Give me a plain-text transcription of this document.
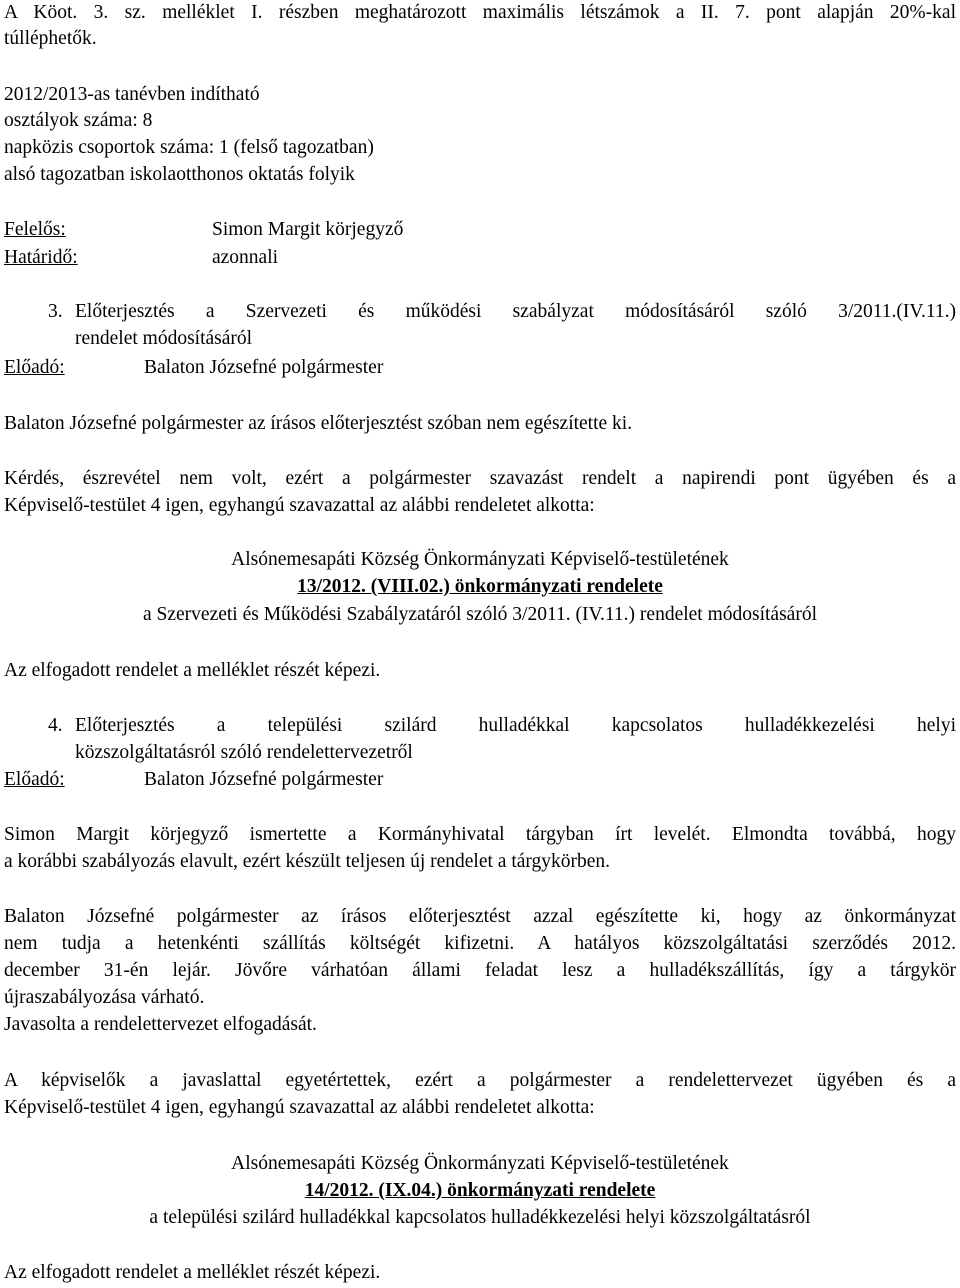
A Köot. 3. sz. melléklet I. részben meghatározott maximális létszámok a II. 7. pont alapján 20%-kal

túlléphetők.

2012/2013-as tanévben indítható

osztályok száma: 8

napközis csoportok száma: 1 (felső tagozatban)

alsó tagozatban iskolaotthonos oktatás folyik

Felelős:	Simon Margit körjegyző

Határidő:	azonnali

3. Előterjesztés a Szervezeti és működési szabályzat módosításáról szóló 3/2011.(IV.11.)

rendelet módosításáról

Előadó:	Balaton Józsefné polgármester

Balaton Józsefné polgármester az írásos előterjesztést szóban nem egészítette ki.

Kérdés, észrevétel nem volt, ezért a polgármester szavazást rendelt a napirendi pont ügyében és a

Képviselő-testület 4 igen, egyhangú szavazattal az alábbi rendeletet alkotta:

Alsónemesapáti Község Önkormányzati Képviselő-testületének

13/2012. (VIII.02.) önkormányzati rendelete

a Szervezeti és Működési Szabályzatáról szóló 3/2011. (IV.11.) rendelet módosításáról

Az elfogadott rendelet a melléklet részét képezi.

4. Előterjesztés a települési szilárd hulladékkal kapcsolatos hulladékkezelési helyi

közszolgáltatásról szóló rendelettervezetről

Előadó:	Balaton Józsefné polgármester

Simon Margit körjegyző ismertette a Kormányhivatal tárgyban írt levelét. Elmondta továbbá, hogy

a korábbi szabályozás elavult, ezért készült teljesen új rendelet a tárgykörben.

Balaton Józsefné polgármester az írásos előterjesztést azzal egészítette ki, hogy az önkormányzat

nem tudja a hetenkénti szállítás költségét kifizetni. A hatályos közszolgáltatási szerződés 2012.

december 31-én lejár. Jövőre várhatóan állami feladat lesz a hulladékszállítás, így a tárgykör

újraszabályozása várható.

Javasolta a rendelettervezet elfogadását.

A képviselők a javaslattal egyetértettek, ezért a polgármester a rendelettervezet ügyében és a

Képviselő-testület 4 igen, egyhangú szavazattal az alábbi rendeletet alkotta:

Alsónemesapáti Község Önkormányzati Képviselő-testületének

14/2012. (IX.04.) önkormányzati rendelete

a települési szilárd hulladékkal kapcsolatos hulladékkezelési helyi közszolgáltatásról

Az elfogadott rendelet a melléklet részét képezi.
